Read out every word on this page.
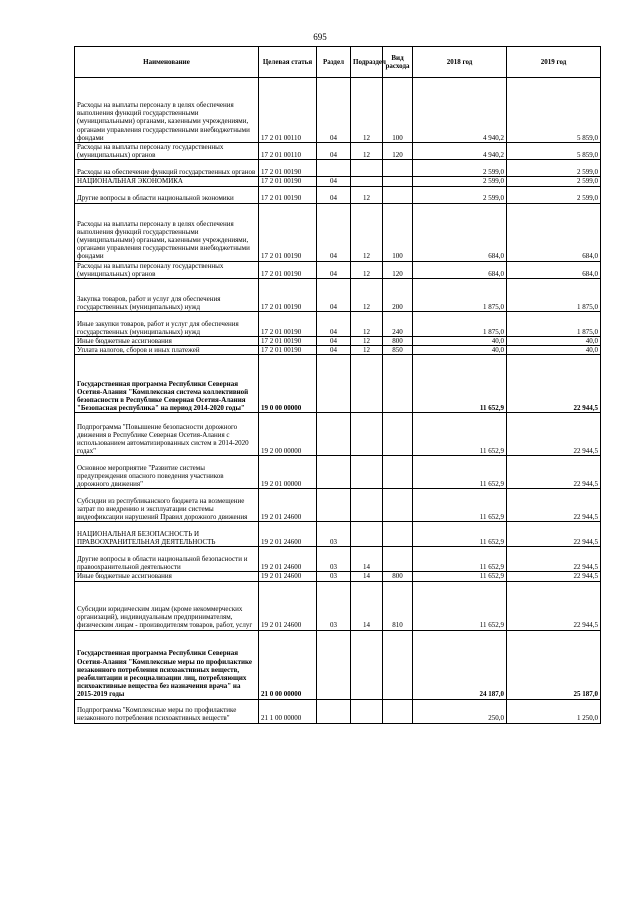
695
Наименование	Целевая статья	Раздел	Подраздел	Вид расхода	2018 год	2019 год
Расходы на выплаты персоналу в целях обеспечения выполнения функций государственными (муниципальными) органами, казенными учреждениями, органами управления государственными внебюджетными фондами	17 2 01 00110	04	12	100	4 940,2	5 859,0
Расходы на выплаты персоналу государственных (муниципальных) органов	17 2 01 00110	04	12	120	4 940,2	5 859,0
Расходы на обеспечение функций государственных органов	17 2 01 00190				2 599,0	2 599,0
НАЦИОНАЛЬНАЯ ЭКОНОМИКА	17 2 01 00190	04			2 599,0	2 599,0
Другие вопросы в области национальной экономики	17 2 01 00190	04	12		2 599,0	2 599,0
Расходы на выплаты персоналу в целях обеспечения выполнения функций государственными (муниципальными) органами, казенными учреждениями, органами управления государственными внебюджетными фондами	17 2 01 00190	04	12	100	684,0	684,0
Расходы на выплаты персоналу государственных (муниципальных) органов	17 2 01 00190	04	12	120	684,0	684,0
Закупка товаров, работ и услуг для обеспечения государственных (муниципальных) нужд	17 2 01 00190	04	12	200	1 875,0	1 875,0
Иные закупки товаров, работ и услуг для обеспечения государственных (муниципальных) нужд	17 2 01 00190	04	12	240	1 875,0	1 875,0
Иные бюджетные ассигнования	17 2 01 00190	04	12	800	40,0	40,0
Уплата налогов, сборов и иных платежей	17 2 01 00190	04	12	850	40,0	40,0
Государственная программа Республики Северная Осетия-Алания "Комплексная система коллективной безопасности в Республике Северная Осетия-Алания "Безопасная республика" на период 2014-2020 годы"	19 0 00 00000				11 652,9	22 944,5
Подпрограмма "Повышение безопасности дорожного движения в Республике Северная Осетия-Алания с использованием автоматизированных систем в 2014-2020 годах"	19 2 00 00000				11 652,9	22 944,5
Основное мероприятие "Развитие системы предупреждения опасного поведения участников дорожного движения"	19 2 01 00000				11 652,9	22 944,5
Субсидии из республиканского бюджета на возмещение затрат по внедрению и эксплуатации системы видеофиксации нарушений Правил дорожного движения	19 2 01 24600				11 652,9	22 944,5
НАЦИОНАЛЬНАЯ БЕЗОПАСНОСТЬ И ПРАВООХРАНИТЕЛЬНАЯ ДЕЯТЕЛЬНОСТЬ	19 2 01 24600	03			11 652,9	22 944,5
Другие вопросы в области национальной безопасности и правоохранительной деятельности	19 2 01 24600	03	14		11 652,9	22 944,5
Иные бюджетные ассигнования	19 2 01 24600	03	14	800	11 652,9	22 944,5
Субсидии юридическим лицам (кроме некоммерческих организаций), индивидуальным предпринимателям, физическим лицам - производителям товаров, работ, услуг	19 2 01 24600	03	14	810	11 652,9	22 944,5
Государственная программа Республики Северная Осетия-Алания "Комплексные меры по профилактике незаконного потребления психоактивных веществ, реабилитации и ресоциализации лиц, потребляющих психоактивные вещества без назначения врача" на 2015-2019 годы	21 0 00 00000				24 187,0	25 187,0
Подпрограмма "Комплексные меры по профилактике незаконного потребления психоактивных веществ"	21 1 00 00000				250,0	1 250,0
